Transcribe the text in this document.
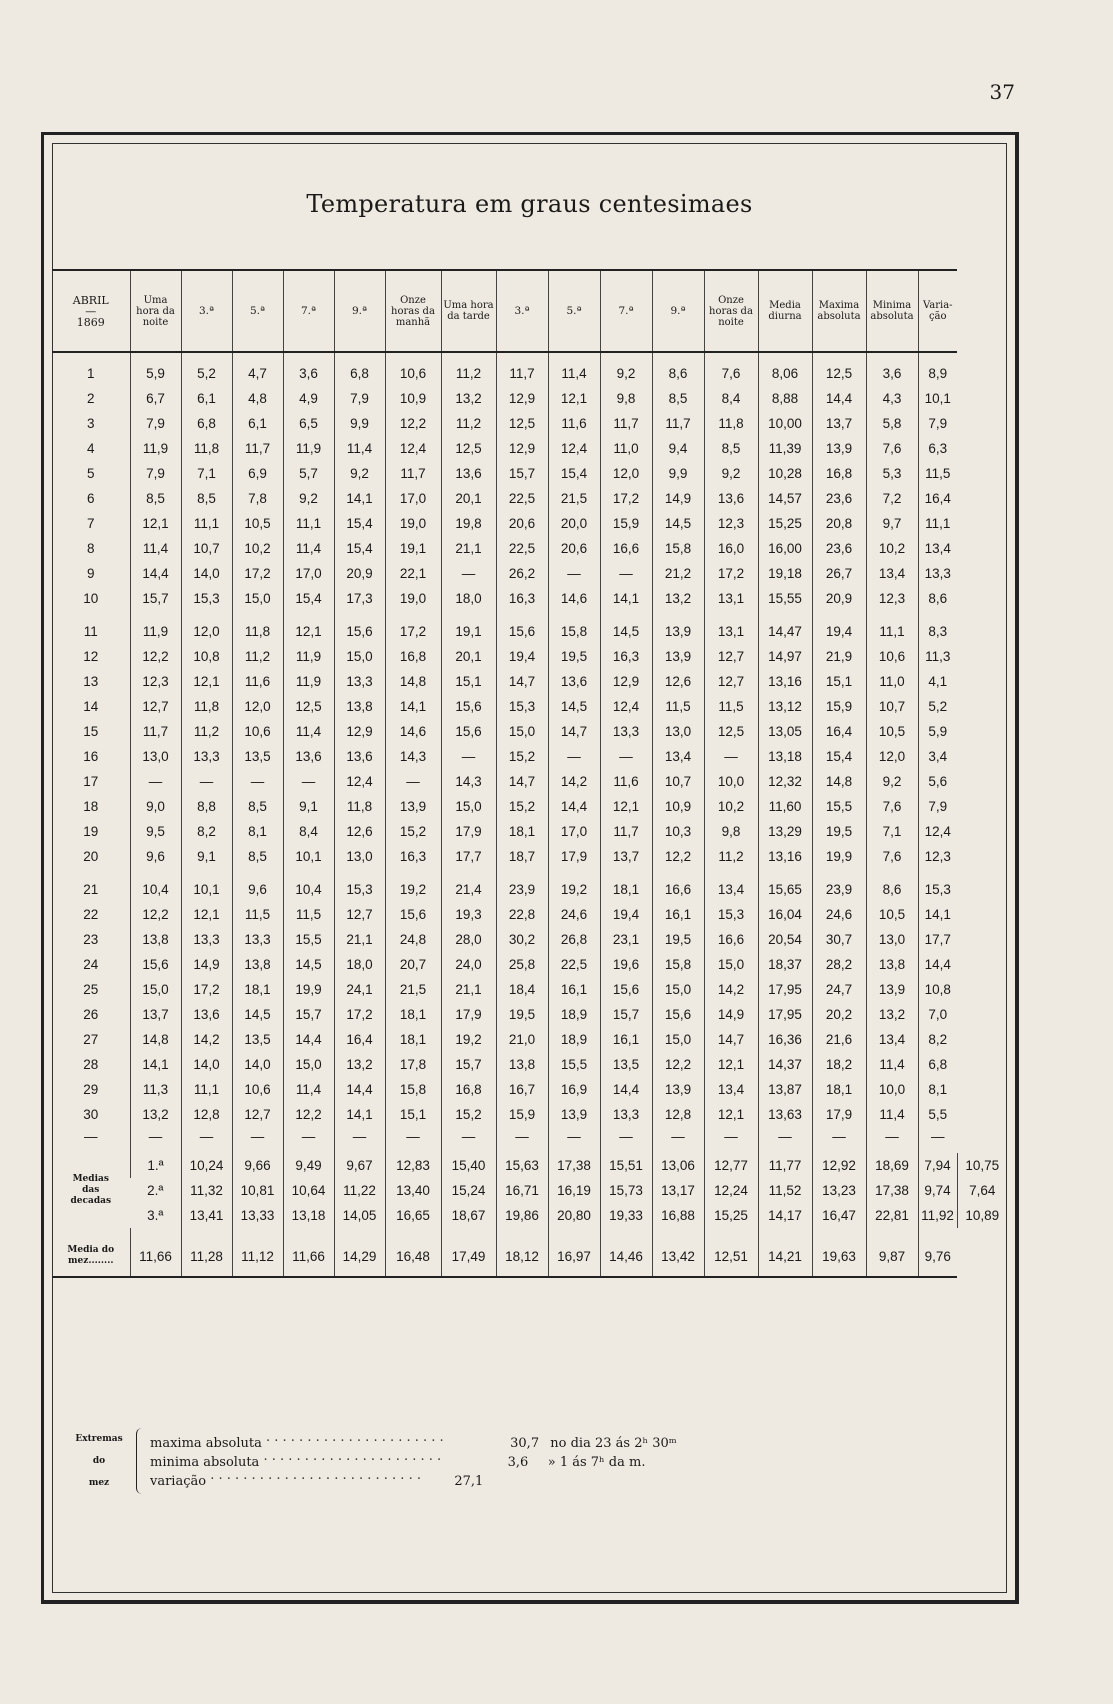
37
Temperatura em graus centesimaes
ABRIL
—
1869	Uma hora da noite	3.ª	5.ª	7.ª	9.ª	Onze horas da manhã	Uma hora da tarde	3.ª	5.ª	7.ª	9.ª	Onze horas da noite	Media diurna	Maxima absoluta	Minima absoluta	Varia-ção	

1	5,9	5,2	4,7	3,6	6,8	10,6	11,2	11,7	11,4	9,2	8,6	7,6	8,06	12,5	3,6	8,9	
2	6,7	6,1	4,8	4,9	7,9	10,9	13,2	12,9	12,1	9,8	8,5	8,4	8,88	14,4	4,3	10,1	
3	7,9	6,8	6,1	6,5	9,9	12,2	11,2	12,5	11,6	11,7	11,7	11,8	10,00	13,7	5,8	7,9	
4	11,9	11,8	11,7	11,9	11,4	12,4	12,5	12,9	12,4	11,0	9,4	8,5	11,39	13,9	7,6	6,3	
5	7,9	7,1	6,9	5,7	9,2	11,7	13,6	15,7	15,4	12,0	9,9	9,2	10,28	16,8	5,3	11,5	
6	8,5	8,5	7,8	9,2	14,1	17,0	20,1	22,5	21,5	17,2	14,9	13,6	14,57	23,6	7,2	16,4	
7	12,1	11,1	10,5	11,1	15,4	19,0	19,8	20,6	20,0	15,9	14,5	12,3	15,25	20,8	9,7	11,1	
8	11,4	10,7	10,2	11,4	15,4	19,1	21,1	22,5	20,6	16,6	15,8	16,0	16,00	23,6	10,2	13,4	
9	14,4	14,0	17,2	17,0	20,9	22,1	—	26,2	—	—	21,2	17,2	19,18	26,7	13,4	13,3	
10	15,7	15,3	15,0	15,4	17,3	19,0	18,0	16,3	14,6	14,1	13,2	13,1	15,55	20,9	12,3	8,6	

11	11,9	12,0	11,8	12,1	15,6	17,2	19,1	15,6	15,8	14,5	13,9	13,1	14,47	19,4	11,1	8,3	
12	12,2	10,8	11,2	11,9	15,0	16,8	20,1	19,4	19,5	16,3	13,9	12,7	14,97	21,9	10,6	11,3	
13	12,3	12,1	11,6	11,9	13,3	14,8	15,1	14,7	13,6	12,9	12,6	12,7	13,16	15,1	11,0	4,1	
14	12,7	11,8	12,0	12,5	13,8	14,1	15,6	15,3	14,5	12,4	11,5	11,5	13,12	15,9	10,7	5,2	
15	11,7	11,2	10,6	11,4	12,9	14,6	15,6	15,0	14,7	13,3	13,0	12,5	13,05	16,4	10,5	5,9	
16	13,0	13,3	13,5	13,6	13,6	14,3	—	15,2	—	—	13,4	—	13,18	15,4	12,0	3,4	
17	—	—	—	—	12,4	—	14,3	14,7	14,2	11,6	10,7	10,0	12,32	14,8	9,2	5,6	
18	9,0	8,8	8,5	9,1	11,8	13,9	15,0	15,2	14,4	12,1	10,9	10,2	11,60	15,5	7,6	7,9	
19	9,5	8,2	8,1	8,4	12,6	15,2	17,9	18,1	17,0	11,7	10,3	9,8	13,29	19,5	7,1	12,4	
20	9,6	9,1	8,5	10,1	13,0	16,3	17,7	18,7	17,9	13,7	12,2	11,2	13,16	19,9	7,6	12,3	

21	10,4	10,1	9,6	10,4	15,3	19,2	21,4	23,9	19,2	18,1	16,6	13,4	15,65	23,9	8,6	15,3	
22	12,2	12,1	11,5	11,5	12,7	15,6	19,3	22,8	24,6	19,4	16,1	15,3	16,04	24,6	10,5	14,1	
23	13,8	13,3	13,3	15,5	21,1	24,8	28,0	30,2	26,8	23,1	19,5	16,6	20,54	30,7	13,0	17,7	
24	15,6	14,9	13,8	14,5	18,0	20,7	24,0	25,8	22,5	19,6	15,8	15,0	18,37	28,2	13,8	14,4	
25	15,0	17,2	18,1	19,9	24,1	21,5	21,1	18,4	16,1	15,6	15,0	14,2	17,95	24,7	13,9	10,8	
26	13,7	13,6	14,5	15,7	17,2	18,1	17,9	19,5	18,9	15,7	15,6	14,9	17,95	20,2	13,2	7,0	
27	14,8	14,2	13,5	14,4	16,4	18,1	19,2	21,0	18,9	16,1	15,0	14,7	16,36	21,6	13,4	8,2	
28	14,1	14,0	14,0	15,0	13,2	17,8	15,7	13,8	15,5	13,5	12,2	12,1	14,37	18,2	11,4	6,8	
29	11,3	11,1	10,6	11,4	14,4	15,8	16,8	16,7	16,9	14,4	13,9	13,4	13,87	18,1	10,0	8,1	
30	13,2	12,8	12,7	12,2	14,1	15,1	15,2	15,9	13,9	13,3	12,8	12,1	13,63	17,9	11,4	5,5	
—	—	—	—	—	—	—	—	—	—	—	—	—	—	—	—	—	

Medias
das
decadas	1.ª	10,24	9,66	9,49	9,67	12,83	15,40	15,63	17,38	15,51	13,06	12,77	11,77	12,92	18,69	7,94	10,75
	2.ª	11,32	10,81	10,64	11,22	13,40	15,24	16,71	16,19	15,73	13,17	12,24	11,52	13,23	17,38	9,74	7,64
	3.ª	13,41	13,33	13,18	14,05	16,65	18,67	19,86	20,80	19,33	16,88	15,25	14,17	16,47	22,81	11,92	10,89

Media do
mez........	11,66	11,28	11,12	11,66	14,29	16,48	17,49	18,12	16,97	14,46	13,42	12,51	14,21	19,63	9,87	9,76	
Extremas
do
mez
maxima absoluta . . . . . . . . . . . . . . . . . . . . . .	30,7 no dia 23 ás 2ʰ 30ᵐ
minima absoluta . . . . . . . . . . . . . . . . . . . . . .	3,6 » 1 ás 7ʰ da m.
variação . . . . . . . . . . . . . . . . . . . . . . . . . .	27,1
